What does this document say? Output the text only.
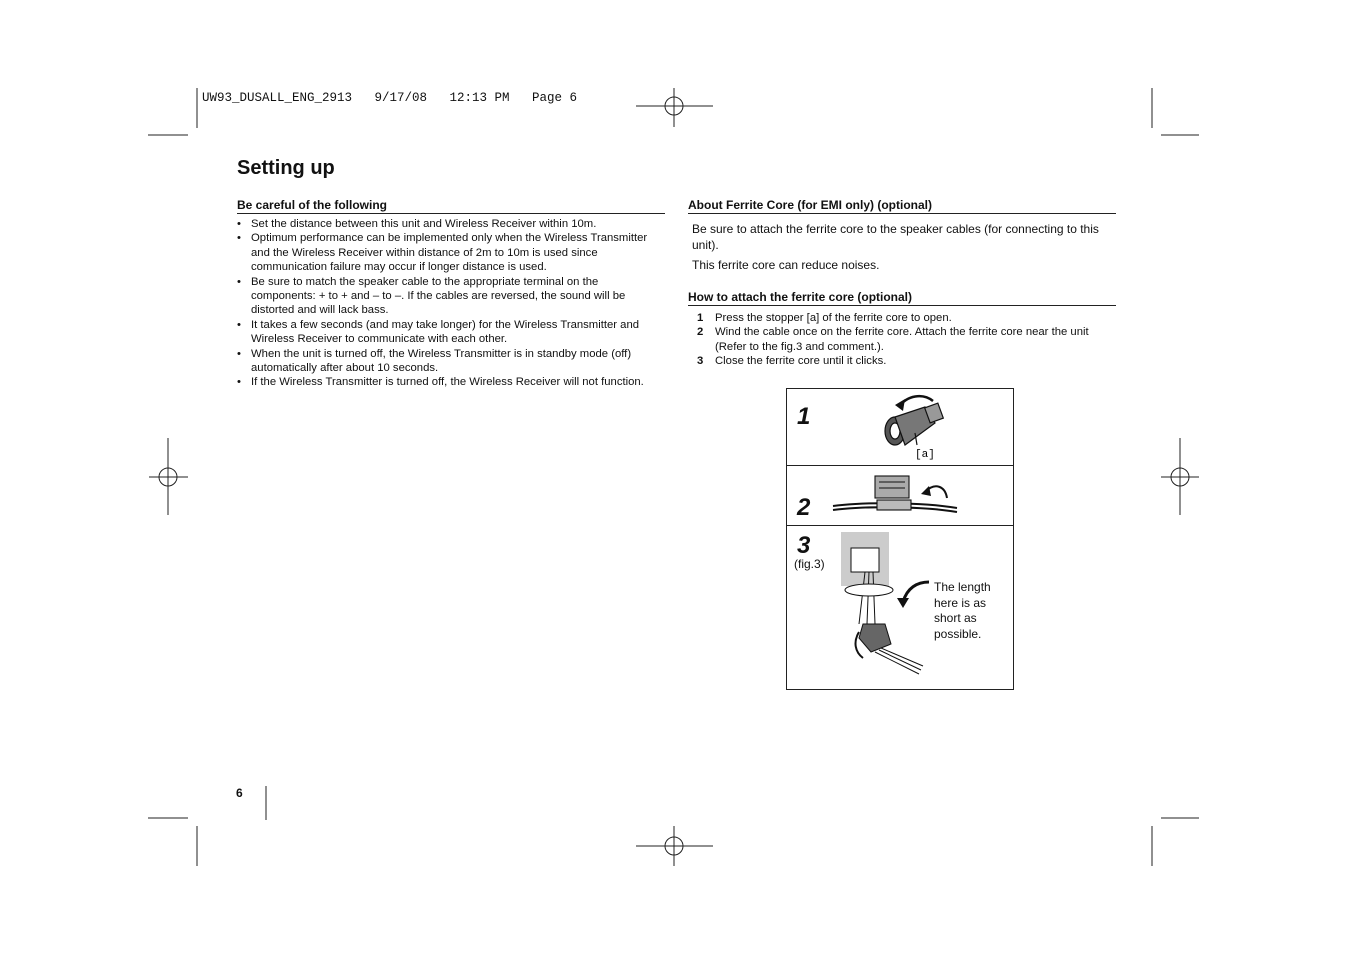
UW93_DUSALL_ENG_2913   9/17/08   12:13 PM   Page 6
Setting up
Be careful of the following
• Set the distance between this unit and Wireless Receiver within 10m.
• Optimum performance can be implemented only when the Wireless Transmitter and the Wireless Receiver within distance of 2m to 10m is used since communication failure may occur if longer distance is used.
• Be sure to match the speaker cable to the appropriate terminal on the components: + to + and – to –. If the cables are reversed, the sound will be distorted and will lack bass.
• It takes a few seconds (and may take longer) for the Wireless Transmitter and Wireless Receiver to communicate with each other.
• When the unit is turned off, the Wireless Transmitter is in standby mode (off) automatically after about 10 seconds.
• If the Wireless Transmitter is turned off, the Wireless Receiver will not function.
About Ferrite Core (for EMI only) (optional)

Be sure to attach the ferrite core to the speaker cables (for connecting to this unit).

This ferrite core can reduce noises.

How to attach the ferrite core (optional)
1 Press the stopper [a] of the ferrite core to open.
2 Wind the cable once on the ferrite core. Attach the ferrite core near the unit (Refer to the fig.3 and comment.).
3 Close the ferrite core until it clicks.
1
[a]
2
3
(fig.3)
The length here is as short as possible.
6
